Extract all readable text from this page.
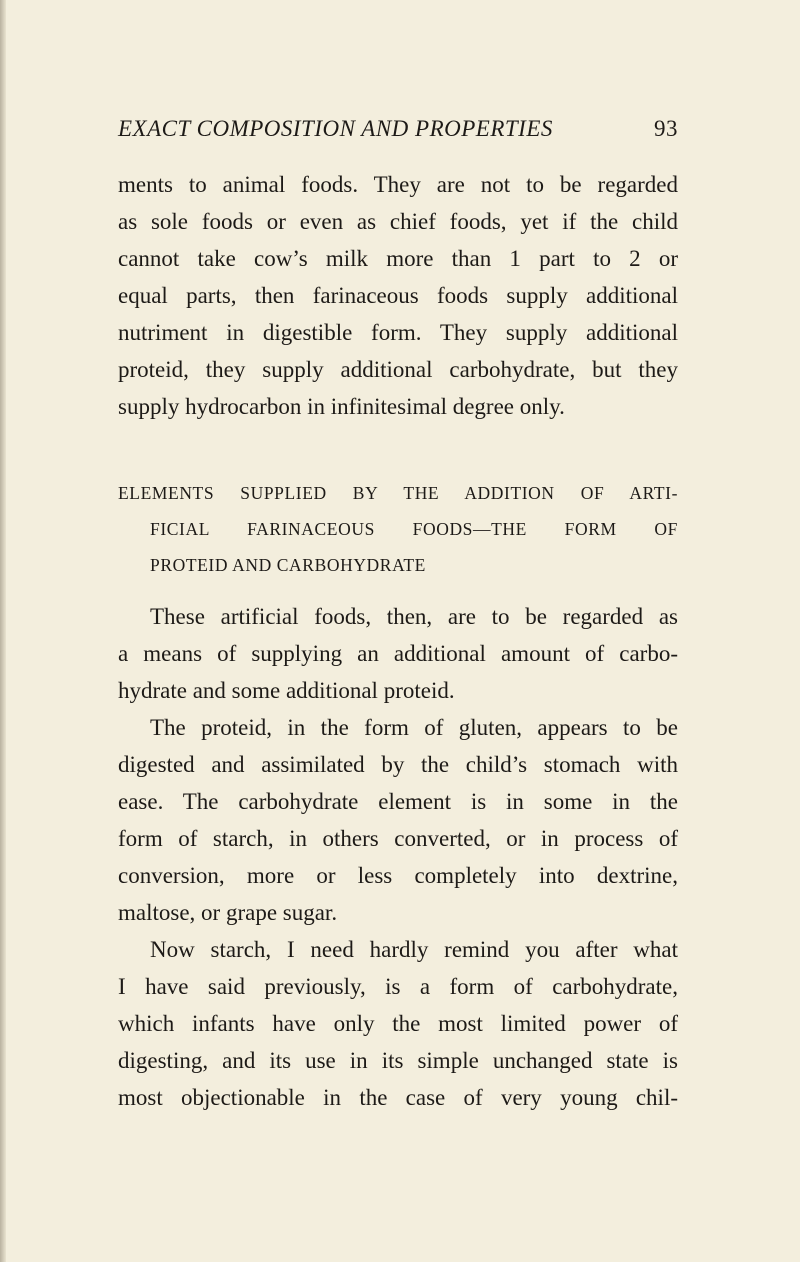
EXACT COMPOSITION AND PROPERTIES	93
ments to animal foods. They are not to be regarded
as sole foods or even as chief foods, yet if the child
cannot take cow’s milk more than 1 part to 2 or
equal parts, then farinaceous foods supply additional
nutriment in digestible form. They supply additional
proteid, they supply additional carbohydrate, but they
supply hydrocarbon in infinitesimal degree only.
ELEMENTS SUPPLIED BY THE ADDITION OF ARTI-
FICIAL FARINACEOUS FOODS—THE FORM OF
PROTEID AND CARBOHYDRATE
These artificial foods, then, are to be regarded as
a means of supplying an additional amount of carbo-
hydrate and some additional proteid.
The proteid, in the form of gluten, appears to be
digested and assimilated by the child’s stomach with
ease. The carbohydrate element is in some in the
form of starch, in others converted, or in process of
conversion, more or less completely into dextrine,
maltose, or grape sugar.
Now starch, I need hardly remind you after what
I have said previously, is a form of carbohydrate,
which infants have only the most limited power of
digesting, and its use in its simple unchanged state is
most objectionable in the case of very young chil-
